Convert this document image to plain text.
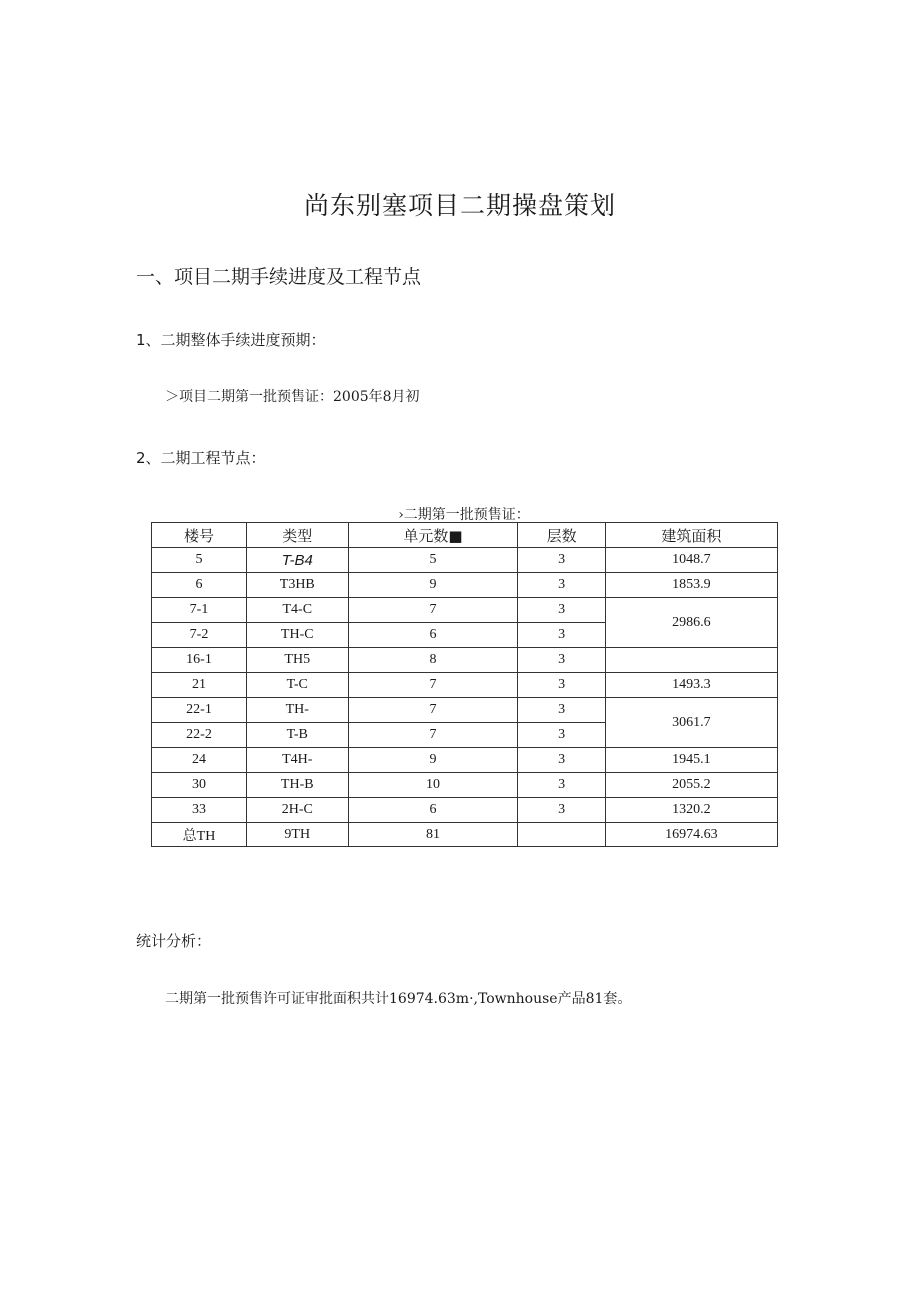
尚东别塞项目二期操盘策划
一、项目二期手续进度及工程节点
1、二期整体手续进度预期：
＞项目二期第一批预售证：2005年8月初
2、二期工程节点：
›二期第一批预售证：
楼号	类型	单元数■	层数	建筑面积
5	T-B4	5	3	1048.7
6	T3HB	9	3	1853.9
7-1	T4-C	7	3	2986.6
7-2	TH-C	6	3	
16-1	TH5	8	3	
21	T-C	7	3	1493.3
22-1	TH-	7	3	3061.7
22-2	T-B	7	3	
24	T4H-	9	3	1945.1
30	TH-B	10	3	2055.2
33	2H-C	6	3	1320.2
总TH	9TH	81		16974.63
统计分析：
二期第一批预售许可证审批面积共计16974.63m·,Townhouse产品81套。
